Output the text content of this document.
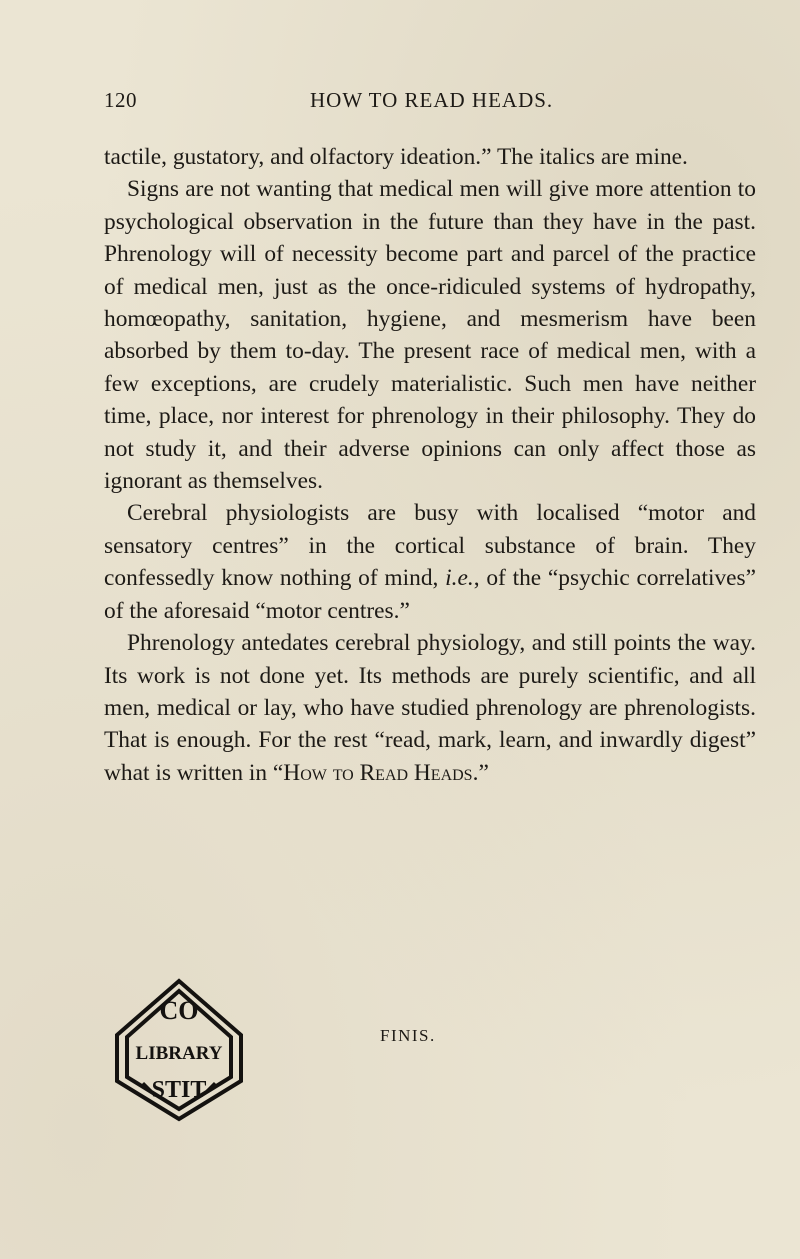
120	HOW TO READ HEADS.

tactile, gustatory, and olfactory ideation.” The italics are mine.

Signs are not wanting that medical men will give more attention to psychological observation in the future than they have in the past. Phrenology will of necessity become part and parcel of the practice of medical men, just as the once-ridiculed systems of hydropathy, homœopathy, sanitation, hygiene, and mesmerism have been absorbed by them to-day. The present race of medical men, with a few exceptions, are crudely materialistic. Such men have neither time, place, nor interest for phrenology in their philosophy. They do not study it, and their adverse opinions can only affect those as ignorant as themselves.

Cerebral physiologists are busy with localised “motor and sensatory centres” in the cortical substance of brain. They confessedly know nothing of mind, i.e., of the “psychic correlatives” of the aforesaid “motor centres.”

Phrenology antedates cerebral physiology, and still points the way. Its work is not done yet. Its methods are purely scientific, and all men, medical or lay, who have studied phrenology are phrenologists. That is enough. For the rest “read, mark, learn, and inwardly digest” what is written in “How to Read Heads.”

CO
LIBRARY
STIT
FINIS.
